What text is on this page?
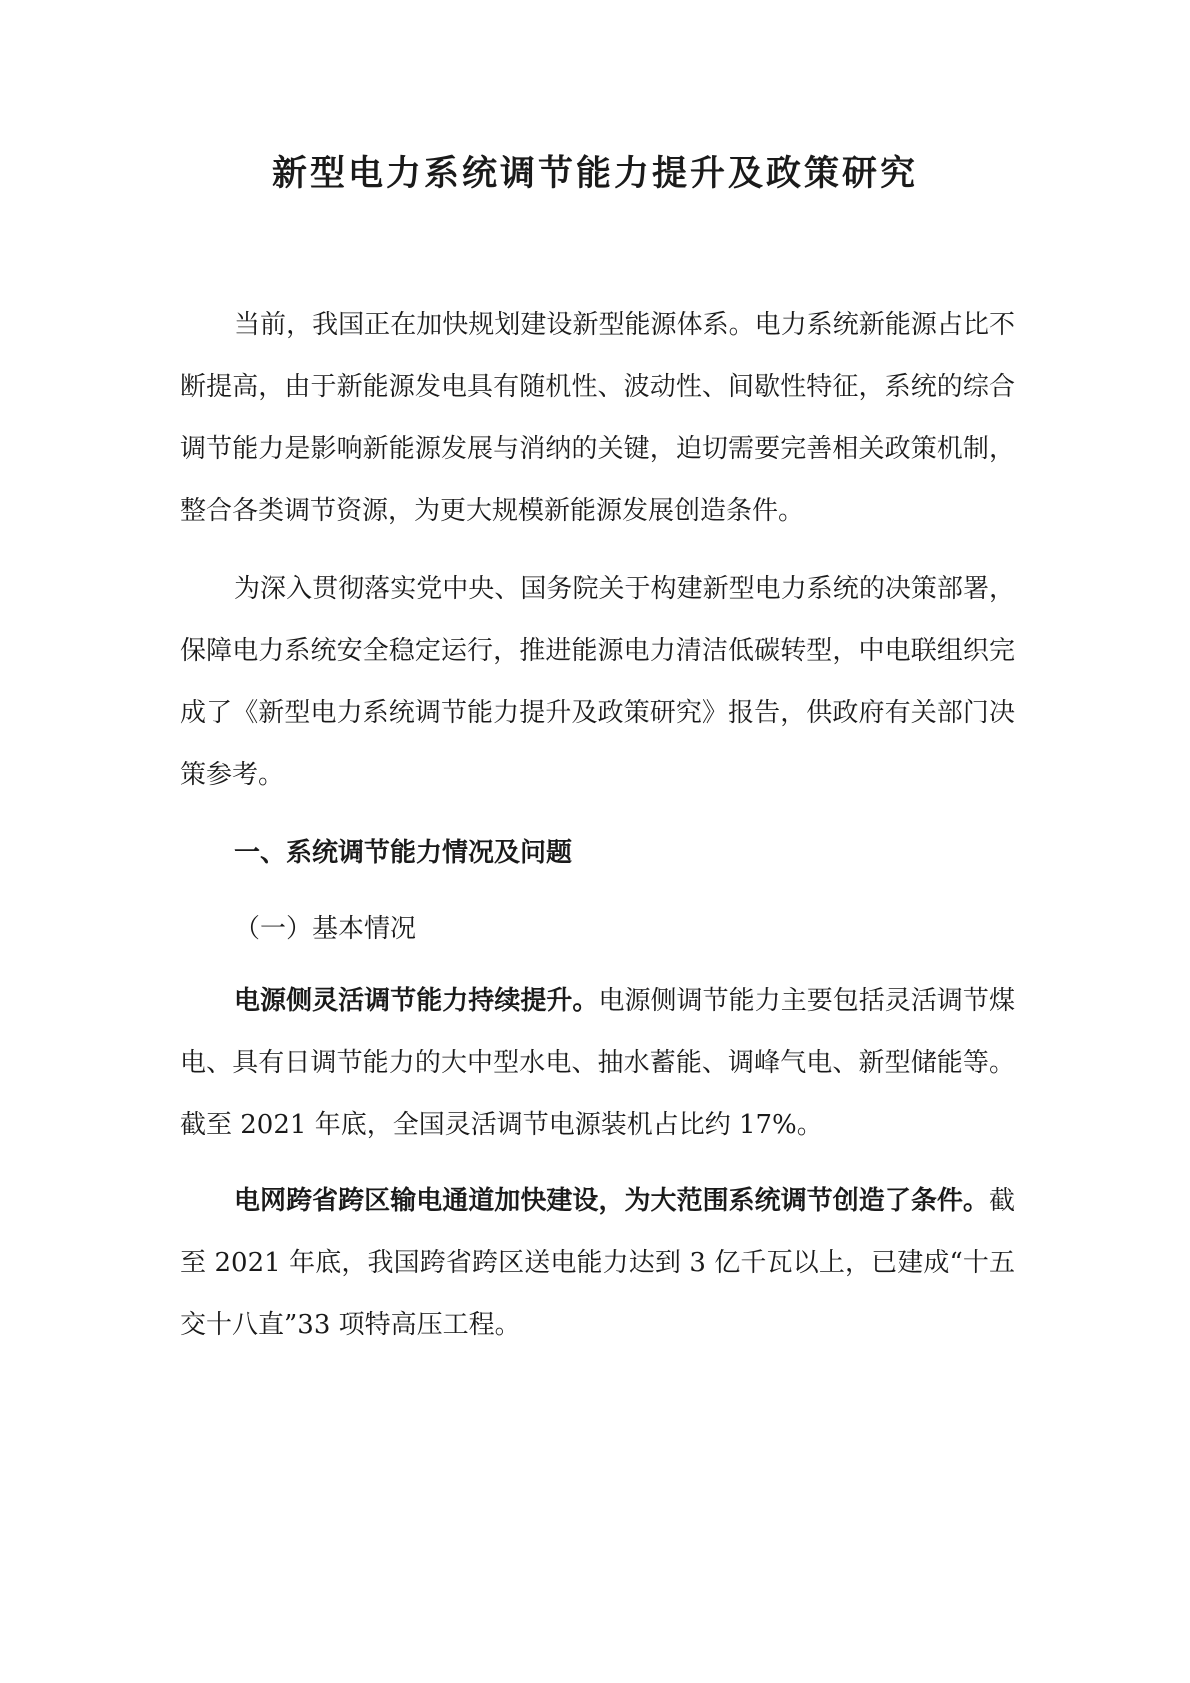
新型电力系统调节能力提升及政策研究
当前，我国正在加快规划建设新型能源体系。电力系统新能源占比不断提高，由于新能源发电具有随机性、波动性、间歇性特征，系统的综合调节能力是影响新能源发展与消纳的关键，迫切需要完善相关政策机制，整合各类调节资源，为更大规模新能源发展创造条件。
为深入贯彻落实党中央、国务院关于构建新型电力系统的决策部署，保障电力系统安全稳定运行，推进能源电力清洁低碳转型，中电联组织完成了《新型电力系统调节能力提升及政策研究》报告，供政府有关部门决策参考。
一、系统调节能力情况及问题
（一）基本情况
电源侧灵活调节能力持续提升。电源侧调节能力主要包括灵活调节煤电、具有日调节能力的大中型水电、抽水蓄能、调峰气电、新型储能等。截至 2021 年底，全国灵活调节电源装机占比约 17%。
电网跨省跨区输电通道加快建设，为大范围系统调节创造了条件。截至 2021 年底，我国跨省跨区送电能力达到 3 亿千瓦以上，已建成“十五交十八直”33 项特高压工程。
